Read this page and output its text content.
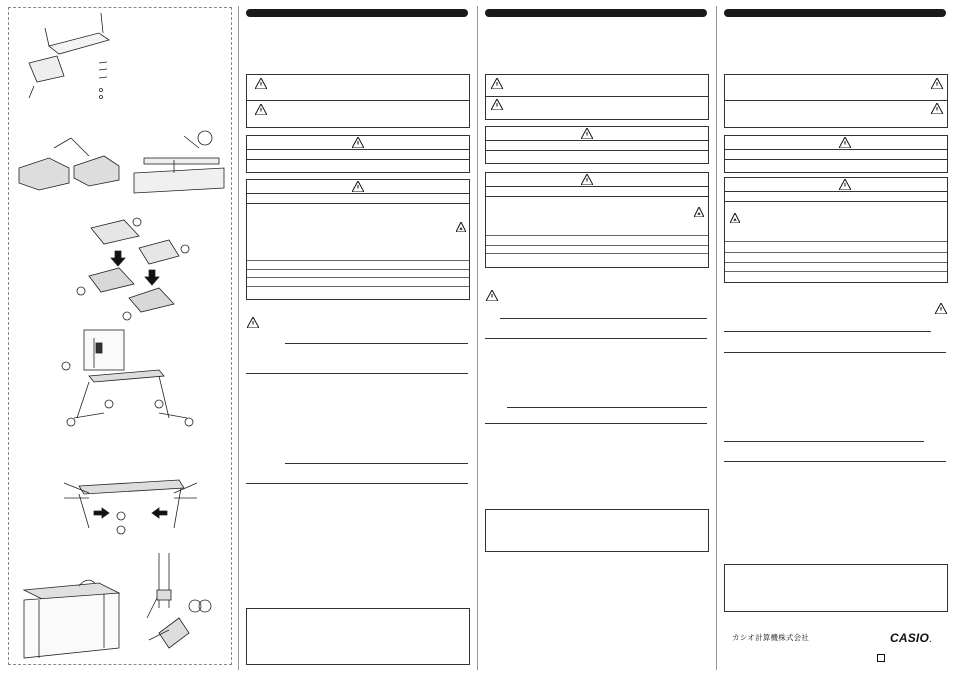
カシオ計算機株式会社	CASIO.
